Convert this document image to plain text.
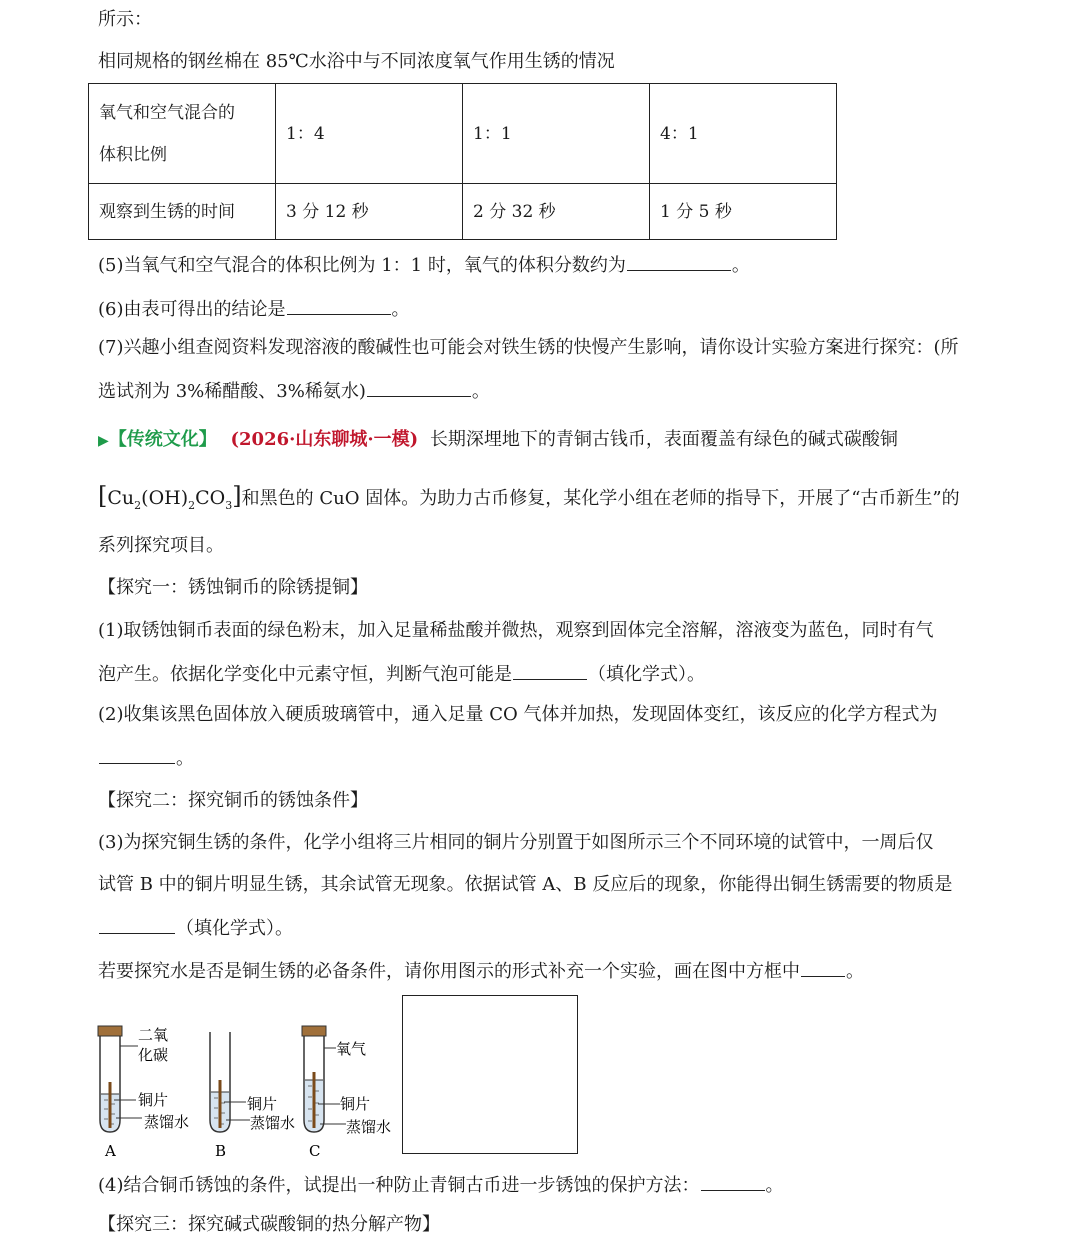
所示：
相同规格的钢丝棉在 85℃水浴中与不同浓度氧气作用生锈的情况
氧气和空气混合的
体积比例	1：4	1：1	4：1
观察到生锈的时间	3 分 12 秒	2 分 32 秒	1 分 5 秒
(5)当氧气和空气混合的体积比例为 1：1 时，氧气的体积分数约为	。
(6)由表可得出的结论是	。
(7)兴趣小组查阅资料发现溶液的酸碱性也可能会对铁生锈的快慢产生影响，请你设计实验方案进行探究：(所
选试剂为 3%稀醋酸、3%稀氨水)	。
▶【传统文化】 (2026·山东聊城·一模) 长期深埋地下的青铜古钱币，表面覆盖有绿色的碱式碳酸铜
$[Cu_2(OH)_2CO_3]$和黑色的 CuO 固体。为助力古币修复，某化学小组在老师的指导下，开展了“古币新生”的
系列探究项目。
【探究一：锈蚀铜币的除锈提铜】
(1)取锈蚀铜币表面的绿色粉末，加入足量稀盐酸并微热，观察到固体完全溶解，溶液变为蓝色，同时有气
泡产生。依据化学变化中元素守恒，判断气泡可能是	（填化学式）。
(2)收集该黑色固体放入硬质玻璃管中，通入足量 CO 气体并加热，发现固体变红，该反应的化学方程式为
。
【探究二：探究铜币的锈蚀条件】
(3)为探究铜生锈的条件，化学小组将三片相同的铜片分别置于如图所示三个不同环境的试管中，一周后仅
试管 B 中的铜片明显生锈，其余试管无现象。依据试管 A、B 反应后的现象，你能得出铜生锈需要的物质是
（填化学式）。
若要探究水是否是铜生锈的必备条件，请你用图示的形式补充一个实验，画在图中方框中	。
二氧
化碳
铜片
蒸馏水
铜片
蒸馏水
氧气
铜片
蒸馏水
A	B	C
(4)结合铜币锈蚀的条件，试提出一种防止青铜古币进一步锈蚀的保护方法：	。
【探究三：探究碱式碳酸铜的热分解产物】
